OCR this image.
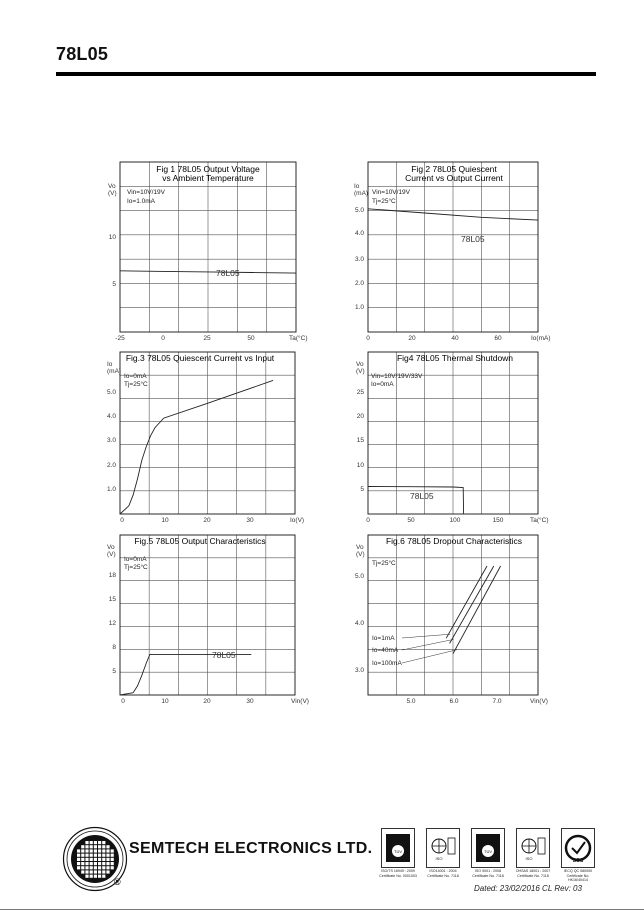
78L05
Fig 1 78L05 Output Voltage
vs Ambient Temperature
Vo
(V)
Ta(°C)
-25	0	25	50
5
10
Vin=10V/19V
Io=1.0mA
78L05
Fig 2 78L05 Quiescent
Current vs Output Current
Io
(mA)
Io(mA)
0	20	40	60
1.0
2.0
3.0
4.0
5.0
Vin=10V/19V
Tj=25°C
78L05
Fig.3 78L05 Quiescent Current vs Input
Io
(mA)
Io(V)
0	10	20	30
1.0
2.0
3.0
4.0
5.0
Io=0mA
Tj=25°C
Fig4 78L05 Thermal Shutdown
Vo
(V)
Ta(°C)
0	50	100	150
5
10
15
20
25
Vin=10V/19V/33V
Io=0mA
78L05
Fig.5 78L05 Output Characteristics
Vo
(V)
Vin(V)
0	10	20	30
5
8
12
15
18
Io=0mA
Tj=25°C
78L05
Fig.6 78L05 Dropout Characteristics
Vo
(V)
Vin(V)
5.0	6.0	7.0
3.0
4.0
5.0
Tj=25°C
Io=1mA
Io=40mA
Io=100mA
SEMTECH ELECTRONICS LTD.
®
TÜV
ISO/TS 16949 : 2009
Certificate No. 0001003
ISO
ISO14001 : 2004
Certificate No. 7118
TÜV
ISO 9001 : 2008
Certificate No. 7118
ISO
OHSAS 18001 : 2007
Certificate No. 7118
SGS
IECQ QC 080000
Certificate No. HK16/40414
Dated: 23/02/2016 CL Rev: 03
